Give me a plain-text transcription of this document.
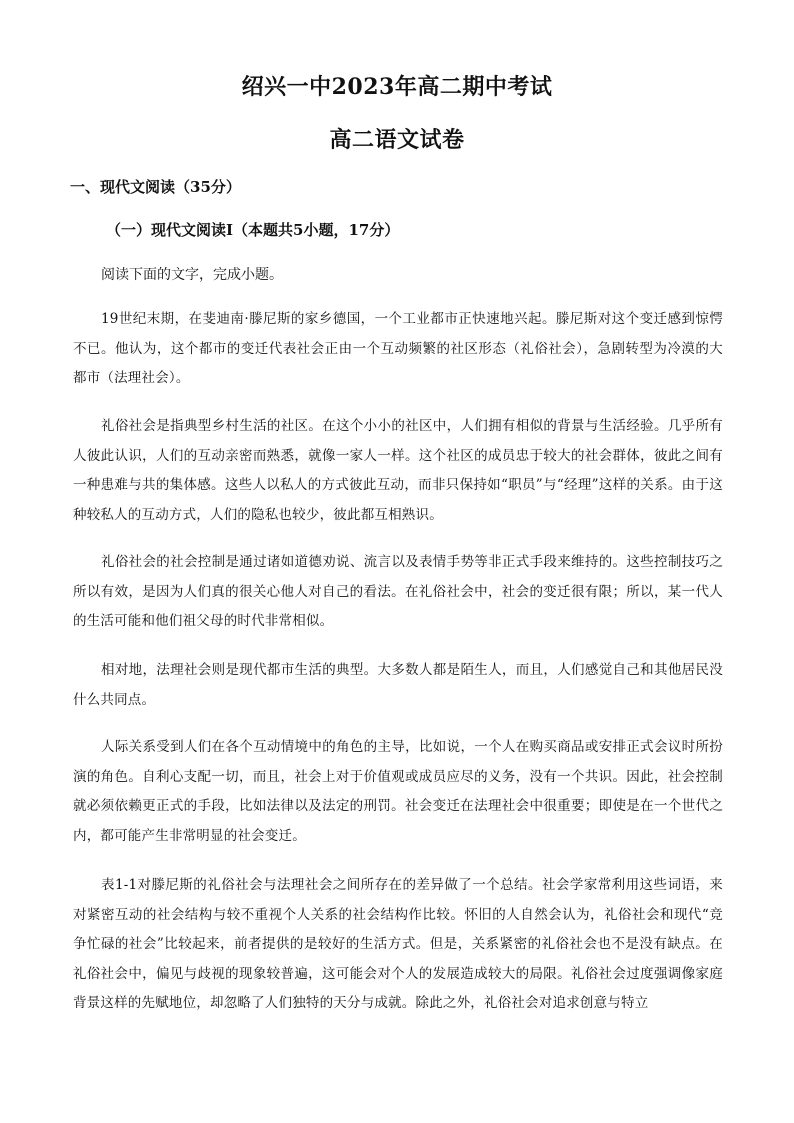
绍兴一中2023年高二期中考试
高二语文试卷
一、现代文阅读（35分）
（一）现代文阅读Ⅰ（本题共5小题，17分）
阅读下面的文字，完成小题。

19世纪末期，在斐迪南·滕尼斯的家乡德国，一个工业都市正快速地兴起。滕尼斯对这个变迁感到惊愕不已。他认为，这个都市的变迁代表社会正由一个互动频繁的社区形态（礼俗社会），急剧转型为冷漠的大都市（法理社会）。

礼俗社会是指典型乡村生活的社区。在这个小小的社区中，人们拥有相似的背景与生活经验。几乎所有人彼此认识，人们的互动亲密而熟悉，就像一家人一样。这个社区的成员忠于较大的社会群体，彼此之间有一种患难与共的集体感。这些人以私人的方式彼此互动，而非只保持如“职员”与“经理”这样的关系。由于这种较私人的互动方式，人们的隐私也较少，彼此都互相熟识。

礼俗社会的社会控制是通过诸如道德劝说、流言以及表情手势等非正式手段来维持的。这些控制技巧之所以有效，是因为人们真的很关心他人对自己的看法。在礼俗社会中，社会的变迁很有限；所以，某一代人的生活可能和他们祖父母的时代非常相似。

相对地，法理社会则是现代都市生活的典型。大多数人都是陌生人，而且，人们感觉自己和其他居民没什么共同点。

人际关系受到人们在各个互动情境中的角色的主导，比如说，一个人在购买商品或安排正式会议时所扮演的角色。自利心支配一切，而且，社会上对于价值观或成员应尽的义务，没有一个共识。因此，社会控制就必须依赖更正式的手段，比如法律以及法定的刑罚。社会变迁在法理社会中很重要；即使是在一个世代之内，都可能产生非常明显的社会变迁。

表1-1对滕尼斯的礼俗社会与法理社会之间所存在的差异做了一个总结。社会学家常利用这些词语，来对紧密互动的社会结构与较不重视个人关系的社会结构作比较。怀旧的人自然会认为，礼俗社会和现代“竞争忙碌的社会”比较起来，前者提供的是较好的生活方式。但是，关系紧密的礼俗社会也不是没有缺点。在礼俗社会中，偏见与歧视的现象较普遍，这可能会对个人的发展造成较大的局限。礼俗社会过度强调像家庭背景这样的先赋地位，却忽略了人们独特的天分与成就。除此之外，礼俗社会对追求创意与特立
